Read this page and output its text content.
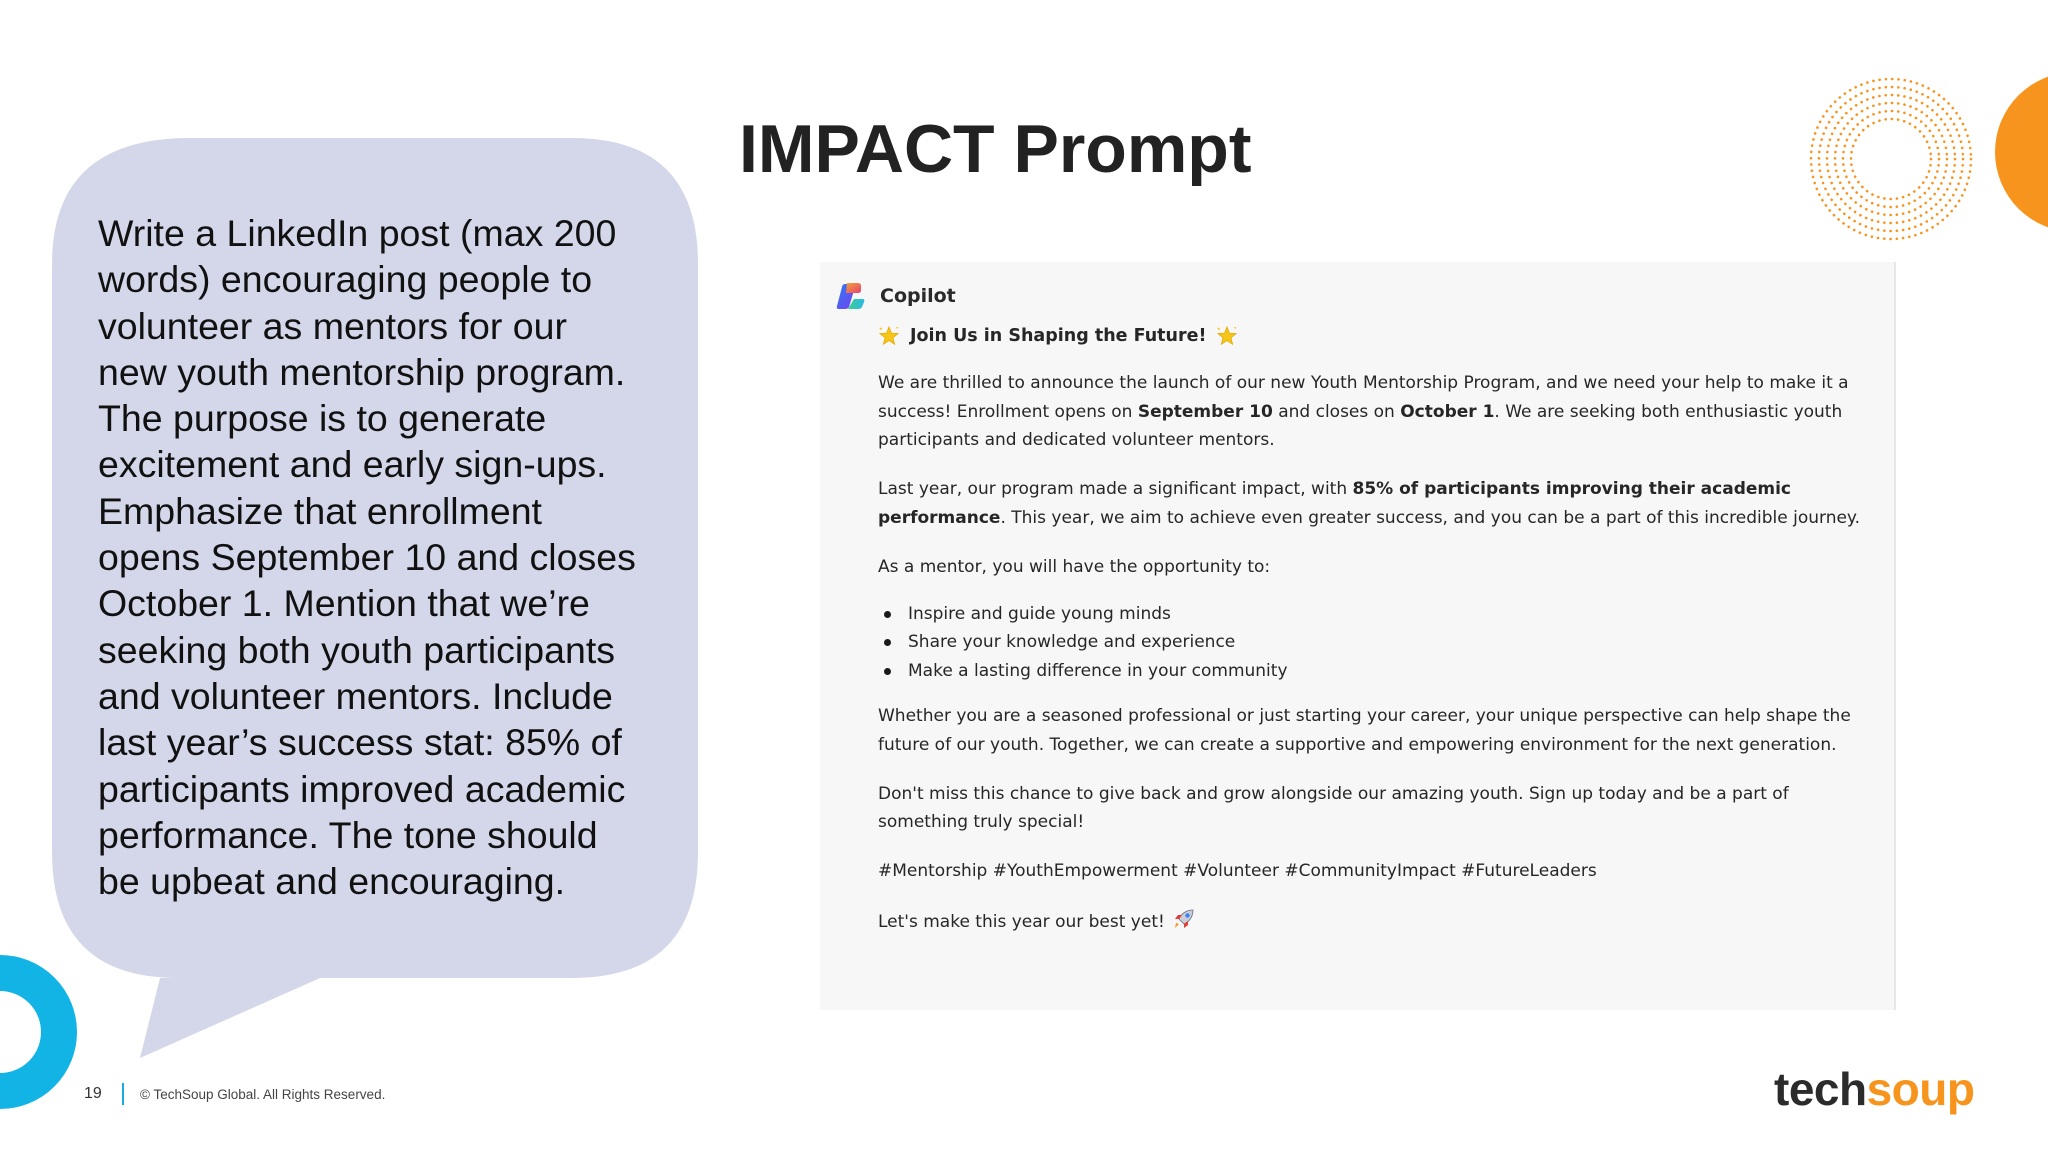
IMPACT Prompt
Write a LinkedIn post (max 200
words) encouraging people to
volunteer as mentors for our
new youth mentorship program.
The purpose is to generate
excitement and early sign-ups.
Emphasize that enrollment
opens September 10 and closes
October 1. Mention that we’re
seeking both youth participants
and volunteer mentors. Include
last year’s success stat: 85% of
participants improved academic
performance. The tone should
be upbeat and encouraging.
Copilot

Join Us in Shaping the Future!

We are thrilled to announce the launch of our new Youth Mentorship Program, and we need your help to make it a success! Enrollment opens on September 10 and closes on October 1. We are seeking both enthusiastic youth participants and dedicated volunteer mentors.

Last year, our program made a significant impact, with 85% of participants improving their academic performance. This year, we aim to achieve even greater success, and you can be a part of this incredible journey.

As a mentor, you will have the opportunity to:

Inspire and guide young minds
Share your knowledge and experience
Make a lasting difference in your community

Whether you are a seasoned professional or just starting your career, your unique perspective can help shape the future of our youth. Together, we can create a supportive and empowering environment for the next generation.

Don't miss this chance to give back and grow alongside our amazing youth. Sign up today and be a part of something truly special!

#Mentorship #YouthEmpowerment #Volunteer #CommunityImpact #FutureLeaders

Let's make this year our best yet!

19	© TechSoup Global. All Rights Reserved.	techsoup
